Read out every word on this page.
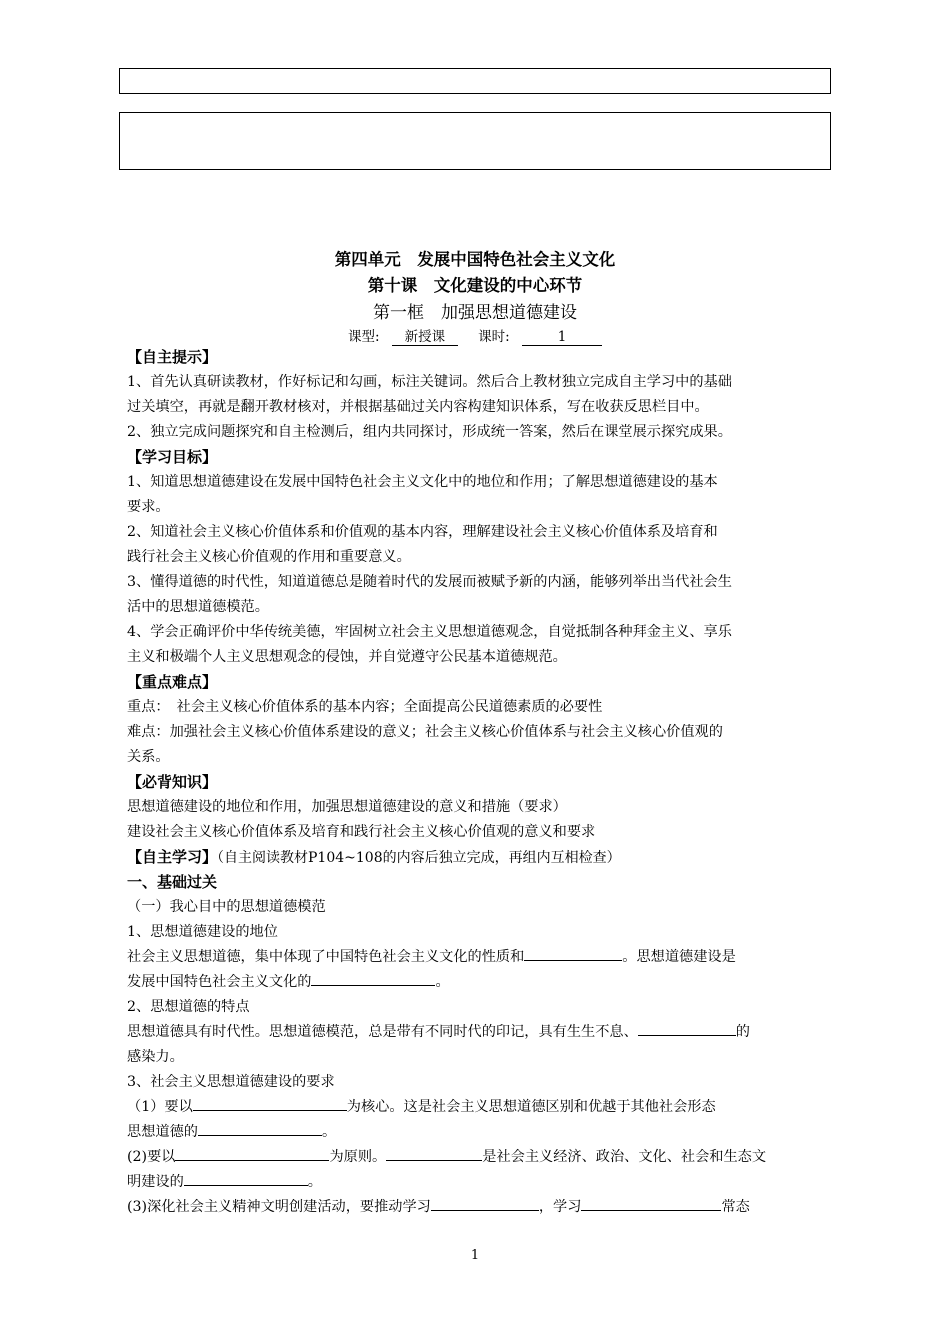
第四单元　发展中国特色社会主义文化
第十课　文化建设的中心环节
第一框　加强思想道德建设
课型: 新授课 课时:	1
【自主提示】
1、首先认真研读教材，作好标记和勾画，标注关键词。然后合上教材独立完成自主学习中的基础
过关填空，再就是翻开教材核对，并根据基础过关内容构建知识体系，写在收获反思栏目中。
2、独立完成问题探究和自主检测后，组内共同探讨，形成统一答案，然后在课堂展示探究成果。
【学习目标】
1、知道思想道德建设在发展中国特色社会主义文化中的地位和作用；了解思想道德建设的基本
要求。
2、知道社会主义核心价值体系和价值观的基本内容，理解建设社会主义核心价值体系及培育和
践行社会主义核心价值观的作用和重要意义。
3、懂得道德的时代性，知道道德总是随着时代的发展而被赋予新的内涵，能够列举出当代社会生
活中的思想道德模范。
4、学会正确评价中华传统美德，牢固树立社会主义思想道德观念，自觉抵制各种拜金主义、享乐
主义和极端个人主义思想观念的侵蚀，并自觉遵守公民基本道德规范。
【重点难点】
重点：　社会主义核心价值体系的基本内容；全面提高公民道德素质的必要性
难点：加强社会主义核心价值体系建设的意义；社会主义核心价值体系与社会主义核心价值观的
关系。
【必背知识】
思想道德建设的地位和作用，加强思想道德建设的意义和措施（要求）
建设社会主义核心价值体系及培育和践行社会主义核心价值观的意义和要求
【自主学习】（自主阅读教材P104~108的内容后独立完成，再组内互相检查）
一、基础过关
（一）我心目中的思想道德模范
1、思想道德建设的地位
社会主义思想道德，集中体现了中国特色社会主义文化的性质和	。思想道德建设是
发展中国特色社会主义文化的	。
2、思想道德的特点
思想道德具有时代性。思想道德模范，总是带有不同时代的印记，具有生生不息、	的
感染力。
3、社会主义思想道德建设的要求
（1）要以	为核心。这是社会主义思想道德区别和优越于其他社会形态
思想道德的	。
(2)要以	为原则。	是社会主义经济、政治、文化、社会和生态文
明建设的	。
(3)深化社会主义精神文明创建活动，要推动学习	，学习	常态
1
